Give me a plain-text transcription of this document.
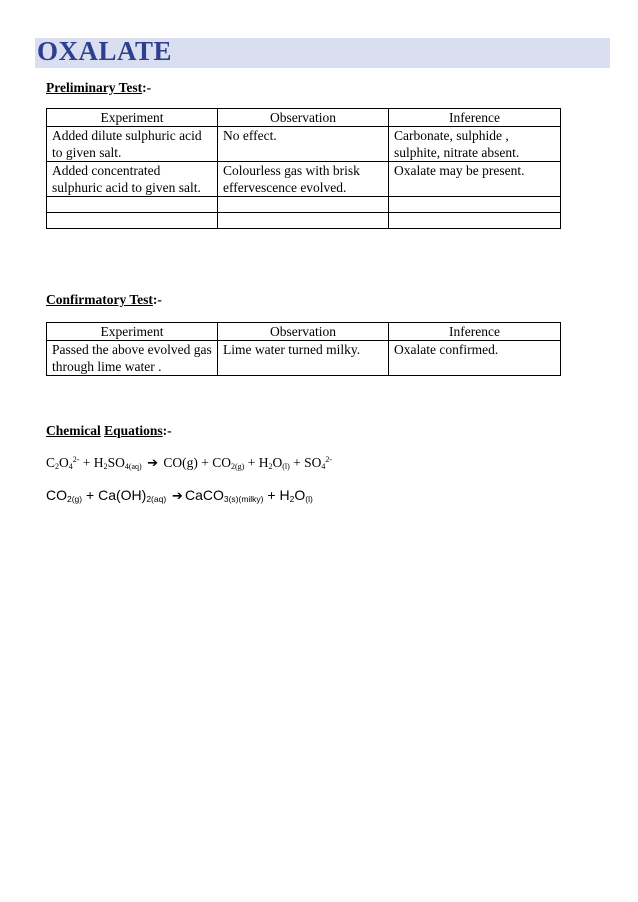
OXALATE
Preliminary Test:-
Experiment	Observation	Inference
Added dilute sulphuric acid to given salt.	No effect.	Carbonate, sulphide , sulphite, nitrate absent.
Added concentrated sulphuric acid to given salt.	Colourless gas with brisk effervescence evolved.	Oxalate may be present.

Confirmatory Test:-
Experiment	Observation	Inference
Passed the above evolved gas through lime water .	Lime water turned milky.	Oxalate confirmed.
Chemical Equations:-
$C_2O_4^{2-} + H_2SO_{4(aq)}$ ➔ $CO(g) + CO_{2(g)} + H_2O_{(l)} + SO_4^{2-}$
$CO_{2(g)} + Ca(OH)_{2(aq)}$ ➔ CaCO$_{3(s)(milky)}$ + $H_2O_{(l)}$
